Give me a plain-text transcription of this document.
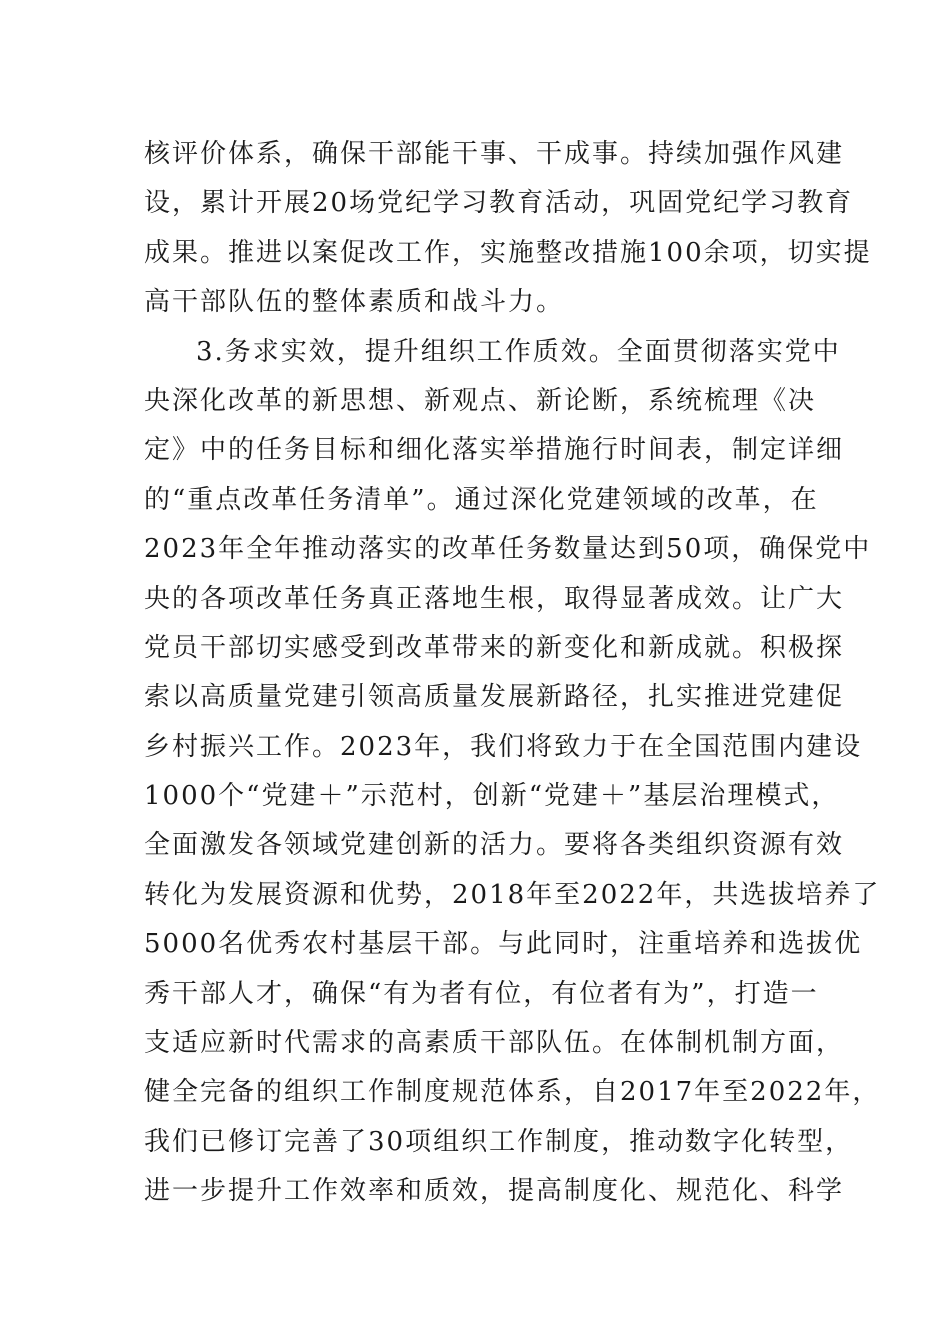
核评价体系，确保干部能干事、干成事。持续加强作风建
设，累计开展20场党纪学习教育活动，巩固党纪学习教育
成果。推进以案促改工作，实施整改措施100余项，切实提
高干部队伍的整体素质和战斗力。
3.务求实效，提升组织工作质效。全面贯彻落实党中
央深化改革的新思想、新观点、新论断，系统梳理《决
定》中的任务目标和细化落实举措施行时间表，制定详细
的“重点改革任务清单”。通过深化党建领域的改革，在
2023年全年推动落实的改革任务数量达到50项，确保党中
央的各项改革任务真正落地生根，取得显著成效。让广大
党员干部切实感受到改革带来的新变化和新成就。积极探
索以高质量党建引领高质量发展新路径，扎实推进党建促
乡村振兴工作。2023年，我们将致力于在全国范围内建设
1000个“党建＋”示范村，创新“党建＋”基层治理模式，
全面激发各领域党建创新的活力。要将各类组织资源有效
转化为发展资源和优势，2018年至2022年，共选拔培养了
5000名优秀农村基层干部。与此同时，注重培养和选拔优
秀干部人才，确保“有为者有位，有位者有为”，打造一
支适应新时代需求的高素质干部队伍。在体制机制方面，
健全完备的组织工作制度规范体系，自2017年至2022年，
我们已修订完善了30项组织工作制度，推动数字化转型，
进一步提升工作效率和质效，提高制度化、规范化、科学
